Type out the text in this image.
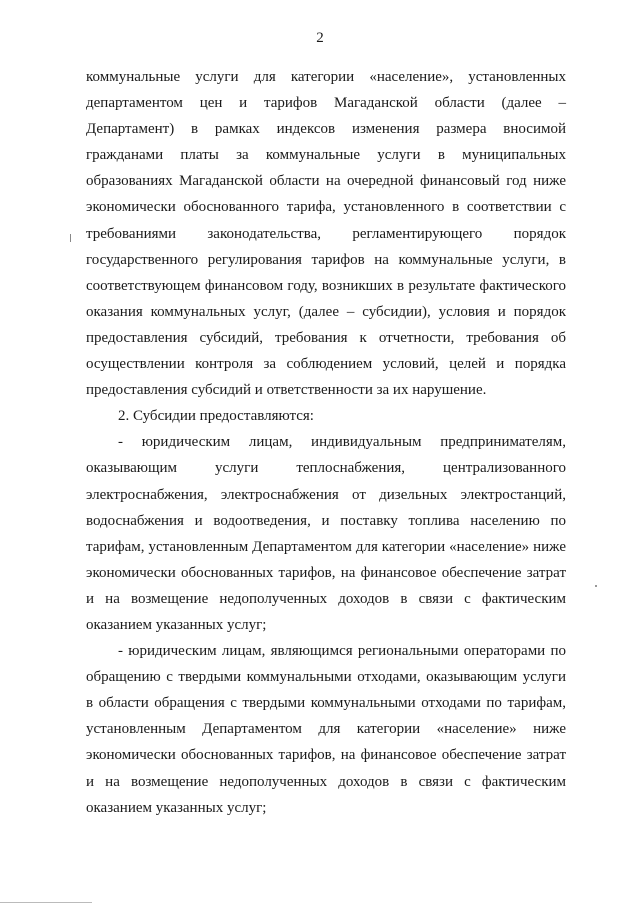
2

коммунальные услуги для категории «население», установленных департаментом цен и тарифов Магаданской области (далее – Департамент) в рамках индексов изменения размера вносимой гражданами платы за коммунальные услуги в муниципальных образованиях Магаданской области на очередной финансовый год ниже экономически обоснованного тарифа, установленного в соответствии с требованиями законодательства, регламентирующего порядок государственного регулирования тарифов на коммунальные услуги, в соответствующем финансовом году, возникших в результате фактического оказания коммунальных услуг, (далее – субсидии), условия и порядок предоставления субсидий, требования к отчетности, требования об осуществлении контроля за соблюдением условий, целей и порядка предоставления субсидий и ответственности за их нарушение.

2. Субсидии предоставляются:

- юридическим лицам, индивидуальным предпринимателям, оказывающим услуги теплоснабжения, централизованного электроснабжения, электроснабжения от дизельных электростанций, водоснабжения и водоотведения, и поставку топлива населению по тарифам, установленным Департаментом для категории «население» ниже экономически обоснованных тарифов, на финансовое обеспечение затрат и на возмещение недополученных доходов в связи с фактическим оказанием указанных услуг;

- юридическим лицам, являющимся региональными операторами по обращению с твердыми коммунальными отходами, оказывающим услуги в области обращения с твердыми коммунальными отходами по тарифам, установленным Департаментом для категории «население» ниже экономически обоснованных тарифов, на финансовое обеспечение затрат и на возмещение недополученных доходов в связи с фактическим оказанием указанных услуг;
